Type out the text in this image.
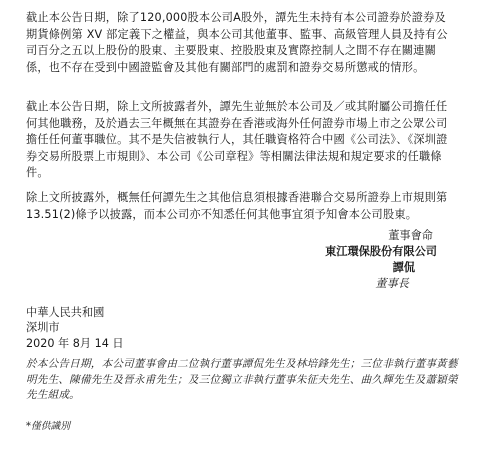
截止本公告日期，除了120,000股本公司A股外，譚先生未持有本公司證券於證券及期貨條例第 XV 部定義下之權益，與本公司其他董事、監事、高級管理人員及持有公司百分之五以上股份的股東、主要股東、控股股東及實際控制人之間不存在關連關係，也不存在受到中國證監會及其他有關部門的處罰和證券交易所懲戒的情形。

截止本公告日期，除上文所披露者外，譚先生並無於本公司及／或其附屬公司擔任任何其他職務，及於過去三年概無在其證券在香港或海外任何證券市場上市之公眾公司擔任任何董事職位。其不是失信被執行人，其任職資格符合中國《公司法》、《深圳證券交易所股票上市規則》、本公司《公司章程》等相關法律法規和規定要求的任職條件。

除上文所披露外，概無任何譚先生之其他信息須根據香港聯合交易所證券上市規則第 13.51(2)條予以披露，而本公司亦不知悉任何其他事宜須予知會本公司股東。

董事會命
東江環保股份有限公司
譚侃
董事長
中華人民共和國
深圳市
2020 年 8月 14 日

於本公告日期，本公司董事會由二位執行董事譚侃先生及林培鋒先生；三位非執行董事黃藝明先生、陳備先生及晉永甫先生；及三位獨立非執行董事朱征夫先生、曲久輝先生及蕭穎榮先生組成。

*僅供識別
